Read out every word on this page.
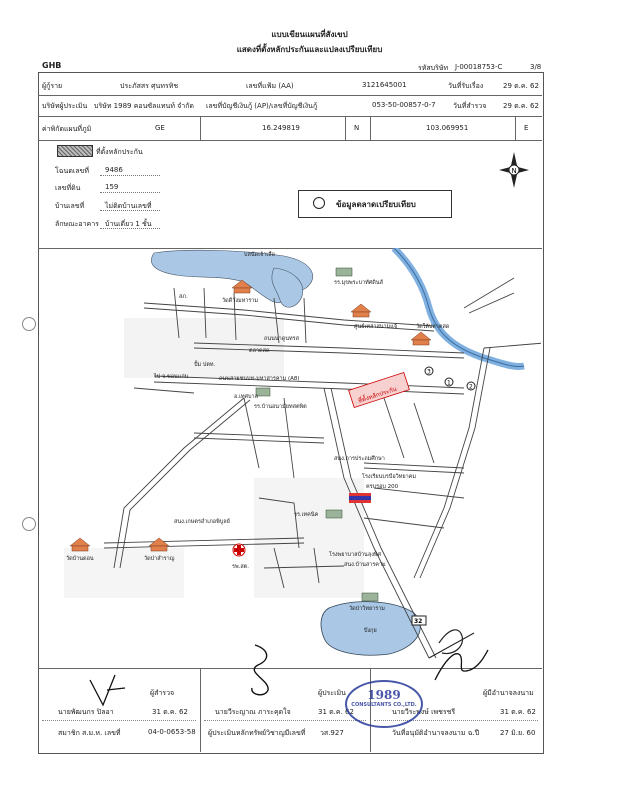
แบบเขียนแผนที่สังเขป
แสดงที่ตั้งหลักประกันและแปลงเปรียบเทียบ
GHB	รหัสบริษัท J-00018753-C	3/8
ผู้กู้ราย	ประภัสสร ศุนทรทิช	เลขที่แฟ้ม (AA)	3121645001	วันที่รับเรื่อง	29 ต.ค. 62
บริษัทผู้ประเมิน บริษัท 1989 คอนซัลแทนท์ จำกัด เลขที่บัญชีเงินกู้ (AP)/เลขที่บัญชีเงินกู้	053-50-00857-0-7 วันที่สำรวจ 29 ต.ค. 62
ค่าพิกัดแผนที่ภูมิ	GE	16.249819	N	103.069951	E
ที่ตั้งหลักประกัน
โฉนดเลขที่ 9486
เลขที่ดิน	159
บ้านเลขที่	ไม่ติดบ้านเลขที่
ลักษณะอาคาร บ้านเดี่ยว 1 ชั้น
ข้อมูลตลาดเปรียบเทียบ
N
ที่ตั้งหลักประกัน
1
3
2
32
บลนัดเจ้าเสือ
วัดดีวังมหาราม
รร.มุขพระบาทัศดินส์
ศูนย์เหล่าสนามแจ้
สภ.
ตลาดสด
วัดใต้ปลาตสด
ปั้ม ปตท.
ถนนนาดูนทรส
ถนนสายชนบท-มหาสารคาม (A8)
ไป จ.ขอนแก่น
อ.เทศบาล
รร.บ้านอนามัยทสตพิต
สนง.การประถมศึกษา
โรงเรียนบรบือวิทยาคม
ครบรอบ 200
สนง.เกษตรอำเภอพิบูลย์
รพ.สต.
วัดป่าสำราญ
วัดบ้านดอน
รร.เทคนิค
โรงพยาบาลบ้านลุงพิศ
สนง.บ้านสารคาม
บึงกุย
วัดป่าวิทยาราม
ผู้สำรวจ
นายพัฒนกร ปิลอา	31 ต.ค. 62
สมาชิก ส.ม.ห. เลขที่	04-0-0653-58
ผู้ประเมิน
นายวีระญาณ ภาระคุดใจ	31 ต.ค. 62
ผู้ประเมินหลักทรัพย์วิชาญมีเลขที่ วส.927
ผู้มีอำนาจลงนาม
นายวีระพงษ์ เพชรชรี	31 ต.ค. 62
วันที่อนุมัติอำนาจลงนาม ฉ.ปี	27 มิ.ย. 60
1989
CONSULTANTS CO.,LTD.
